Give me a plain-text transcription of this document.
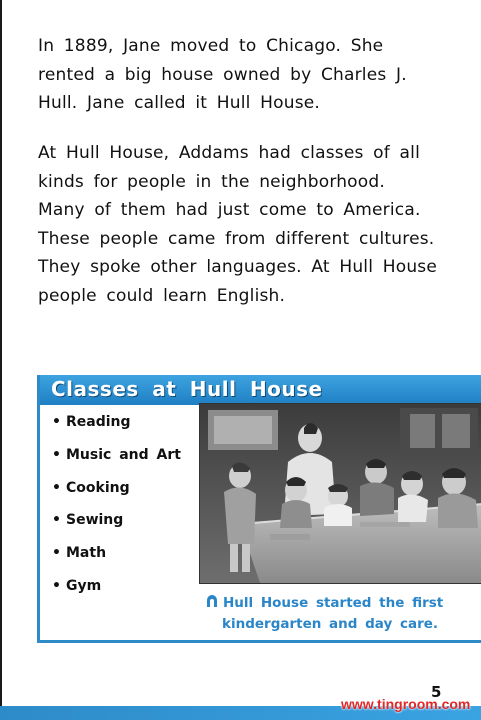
In 1889, Jane moved to Chicago. She rented a big house owned by Charles J. Hull. Jane called it Hull House.

At Hull House, Addams had classes of all kinds for people in the neighborhood. Many of them had just come to America. These people came from different cultures. They spoke other languages. At Hull House people could learn English.

Classes at Hull House
• Reading
• Music and Art
• Cooking
• Sewing
• Math
• Gym

Hull House started the first
kindergarten and day care.

5
www.tingroom.com
